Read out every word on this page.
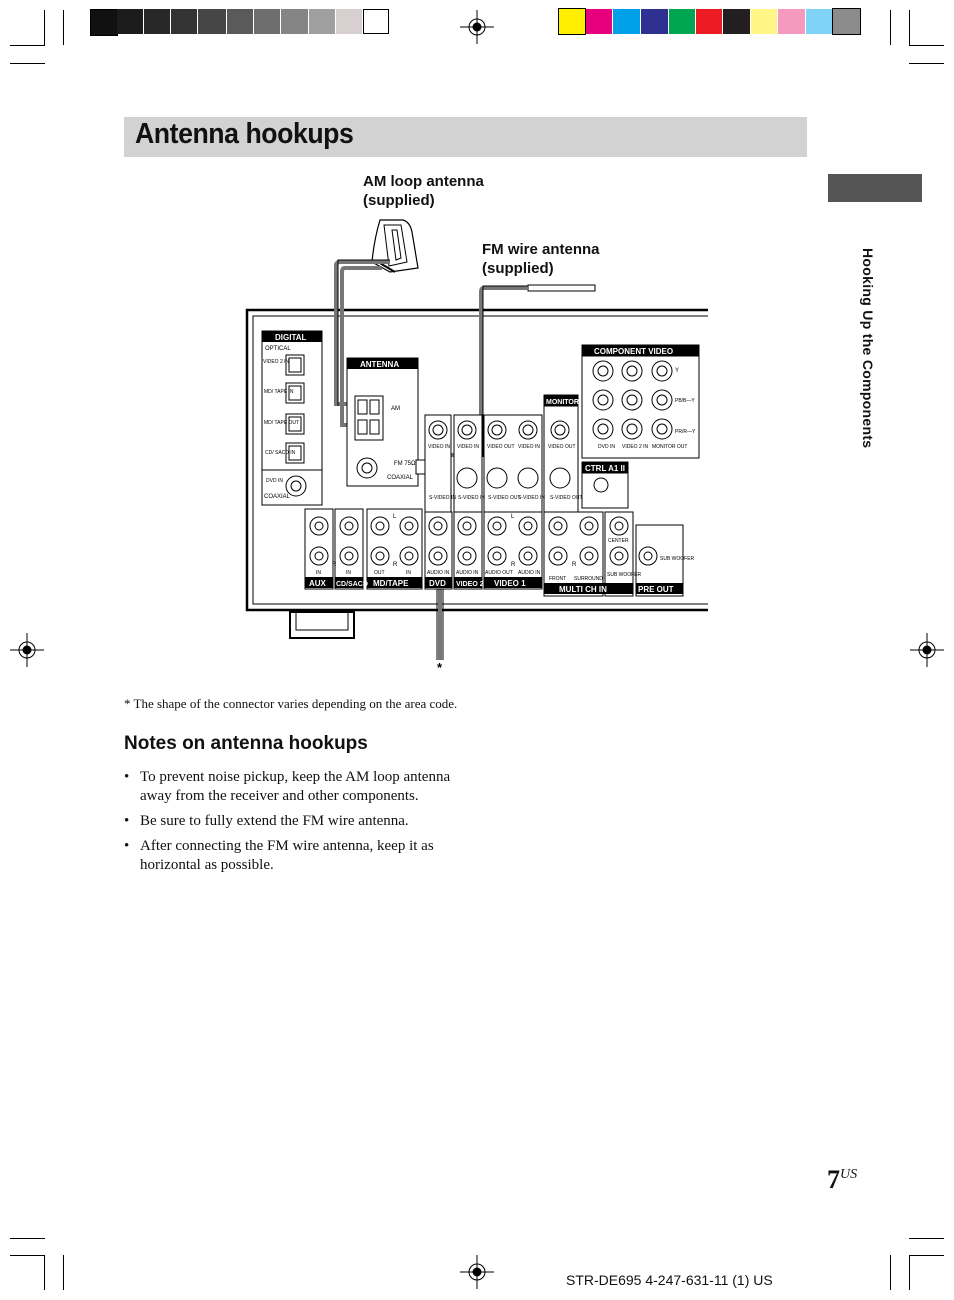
Antenna hookups
Hooking Up the Components
AM loop antenna
(supplied)
FM wire antenna
(supplied)
DIGITAL
ANTENNA
MONITOR
COMPONENT VIDEO
CTRL A1 II
AUX CD/SACD MD/TAPE	DVD VIDEO 2 VIDEO 1
MULTI CH IN	PRE OUT
OPTICAL
VIDEO 2 IN
MD/ TAPE IN
MD/ TAPE OUT
CD/ SACD IN
DVD IN
COAXIAL
AM
FM 75Ω
COAXIAL
Y
PB/B—Y
PR/R—Y
DVD IN VIDEO 2 IN MONITOR OUT
VIDEO IN VIDEO IN VIDEO OUT VIDEO IN VIDEO OUT
S-VIDEO IN S-VIDEO IN S-VIDEO OUT
S-VIDEO IN S-VIDEO OUT
IN	IN	OUT	IN	AUDIO IN AUDIO IN AUDIO OUT AUDIO IN
FRONT SURROUND
CENTER
SUB WOOFER
SUB WOOFER
L
R
L
R
R	R
*
* The shape of the connector varies depending on the area code.
Notes on antenna hookups
• To prevent noise pickup, keep the AM loop antenna away from the receiver and other components.
• Be sure to fully extend the FM wire antenna.
• After connecting the FM wire antenna, keep it as horizontal as possible.
$7^{US}$
STR-DE695 4-247-631-11 (1) US
